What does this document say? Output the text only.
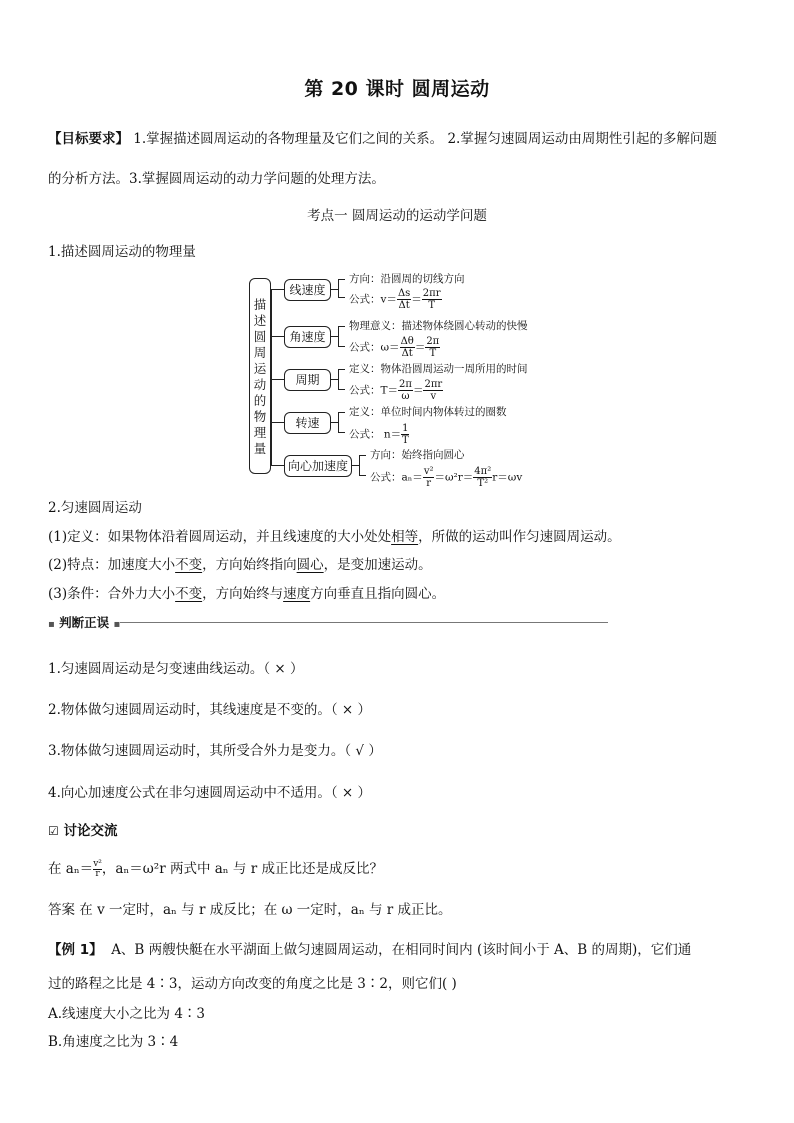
第 20 课时 圆周运动
【目标要求】 1.掌握描述圆周运动的各物理量及它们之间的关系。 2.掌握匀速圆周运动由周期性引起的多解问题
的分析方法。3.掌握圆周运动的动力学问题的处理方法。
考点一 圆周运动的运动学问题
1.描述圆周运动的物理量
描
述
圆
周
运
动
的
物
理
量
线速度
方向：沿圆周的切线方向
公式：$v= \frac{\Delta s}{\Delta t} = \frac{2\pi r}{T}$
角速度
物理意义：描述物体绕圆心转动的快慢
公式：$\omega= \frac{\Delta\theta}{\Delta t} = \frac{2\pi}{T}$
周期
定义：物体沿圆周运动一周所用的时间
公式：$T= \frac{2\pi}{\omega} = \frac{2\pi r}{v}$
转速
定义：单位时间内物体转过的圈数
公式： $n= \frac{1}{T}$
向心加速度
方向：始终指向圆心
公式：$a_n= \frac{\text{v²}}{r} =\omega^2r= \frac{\text{4π²}}{\text{T²}} r=\omega v$
2.匀速圆周运动
(1)定义：如果物体沿着圆周运动，并且线速度的大小处处相等，所做的运动叫作匀速圆周运动。
(2)特点：加速度大小不变，方向始终指向圆心，是变加速运动。
(3)条件：合外力大小不变，方向始终与速度方向垂直且指向圆心。
▪ 判断正误 ▪
1.匀速圆周运动是匀变速曲线运动。（ × ）
2.物体做匀速圆周运动时，其线速度是不变的。（ × ）
3.物体做匀速圆周运动时，其所受合外力是变力。（ √ ）
4.向心加速度公式在非匀速圆周运动中不适用。（ × ）
☑ 讨论交流
在 $a_n= \frac{\text{v²}}{r}$ ，aₙ＝ω²r 两式中 aₙ 与 r 成正比还是成反比？
答案 在 v 一定时，aₙ 与 r 成反比；在 ω 一定时，aₙ 与 r 成正比。
【例 1】 A、B 两艘快艇在水平湖面上做匀速圆周运动，在相同时间内 (该时间小于 A、B 的周期)，它们通
过的路程之比是 4∶3，运动方向改变的角度之比是 3∶2，则它们( )
A.线速度大小之比为 4∶3
B.角速度之比为 3∶4
